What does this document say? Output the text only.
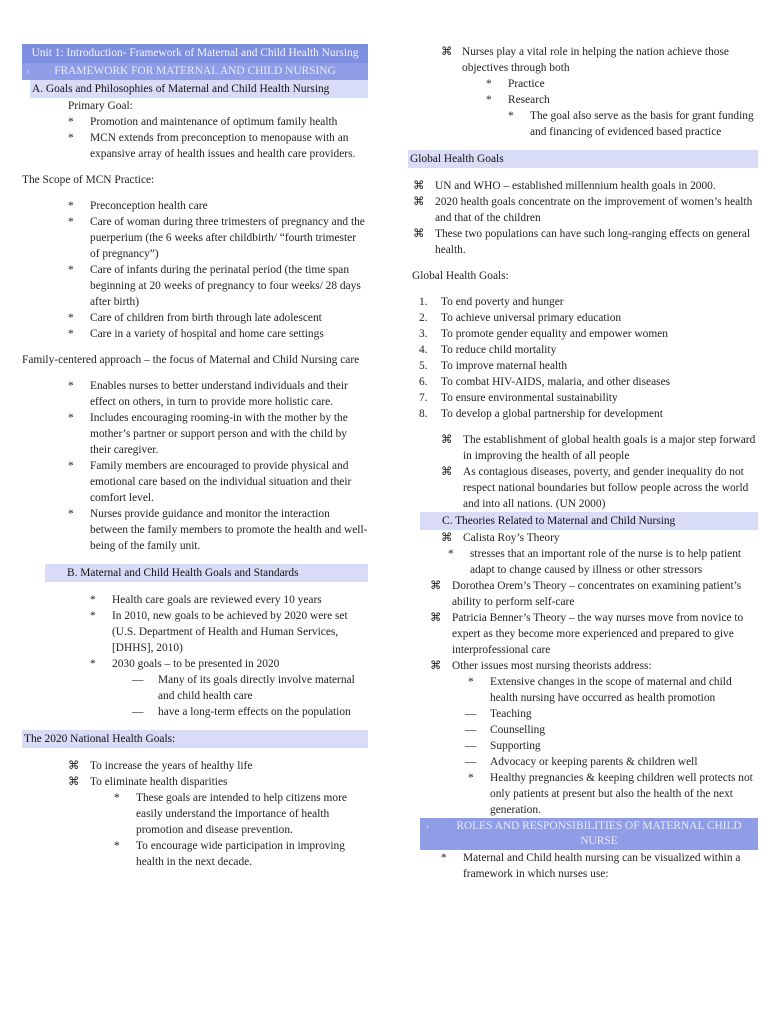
Unit 1: Introduction- Framework of Maternal and Child Health Nursing
› FRAMEWORK FOR MATERNAL AND CHILD NURSING
A. Goals and Philosophies of Maternal and Child Health Nursing

Primary Goal:

* Promotion and maintenance of optimum family health
* MCN extends from preconception to menopause with an expansive array of health issues and health care providers.

The Scope of MCN Practice:

* Preconception health care
* Care of woman during three trimesters of pregnancy and the puerperium (the 6 weeks after childbirth/ “fourth trimester of pregnancy”)
* Care of infants during the perinatal period (the time span beginning at 20 weeks of pregnancy to four weeks/ 28 days after birth)
* Care of children from birth through late adolescent
* Care in a variety of hospital and home care settings

Family-centered approach – the focus of Maternal and Child Nursing care

* Enables nurses to better understand individuals and their effect on others, in turn to provide more holistic care.
* Includes encouraging rooming-in with the mother by the mother’s partner or support person and with the child by their caregiver.
* Family members are encouraged to provide physical and emotional care based on the individual situation and their comfort level.
* Nurses provide guidance and monitor the interaction between the family members to promote the health and well-being of the family unit.
B. Maternal and Child Health Goals and Standards
* Health care goals are reviewed every 10 years
* In 2010, new goals to be achieved by 2020 were set (U.S. Department of Health and Human Services, [DHHS], 2010)
* 2030 goals – to be presented in 2020
— Many of its goals directly involve maternal and child health care
— have a long-term effects on the population
The 2020 National Health Goals:
⌘ To increase the years of healthy life
⌘ To eliminate health disparities
* These goals are intended to help citizens more easily understand the importance of health promotion and disease prevention.
* To encourage wide participation in improving health in the next decade.
⌘ Nurses play a vital role in helping the nation achieve those objectives through both
* Practice
* Research
* The goal also serve as the basis for grant funding and financing of evidenced based practice
Global Health Goals
⌘ UN and WHO – established millennium health goals in 2000.
⌘ 2020 health goals concentrate on the improvement of women’s health and that of the children
⌘ These two populations can have such long-ranging effects on general health.

Global Health Goals:

1. To end poverty and hunger
2. To achieve universal primary education
3. To promote gender equality and empower women
4. To reduce child mortality
5. To improve maternal health
6. To combat HIV-AIDS, malaria, and other diseases
7. To ensure environmental sustainability
8. To develop a global partnership for development
⌘ The establishment of global health goals is a major step forward in improving the health of all people
⌘ As contagious diseases, poverty, and gender inequality do not respect national boundaries but follow people across the world and into all nations. (UN 2000)
C. Theories Related to Maternal and Child Nursing
⌘ Calista Roy’s Theory
* stresses that an important role of the nurse is to help patient adapt to change caused by illness or other stressors
⌘ Dorothea Orem’s Theory – concentrates on examining patient’s ability to perform self-care
⌘ Patricia Benner’s Theory – the way nurses move from novice to expert as they become more experienced and prepared to give interprofessional care
⌘ Other issues most nursing theorists address:
* Extensive changes in the scope of maternal and child health nursing have occurred as health promotion
— Teaching
— Counselling
— Supporting
— Advocacy or keeping parents & children well
* Healthy pregnancies & keeping children well protects not only patients at present but also the health of the next generation.
› ROLES AND RESPONSIBILITIES OF MATERNAL CHILD NURSE
* Maternal and Child health nursing can be visualized within a framework in which nurses use:
